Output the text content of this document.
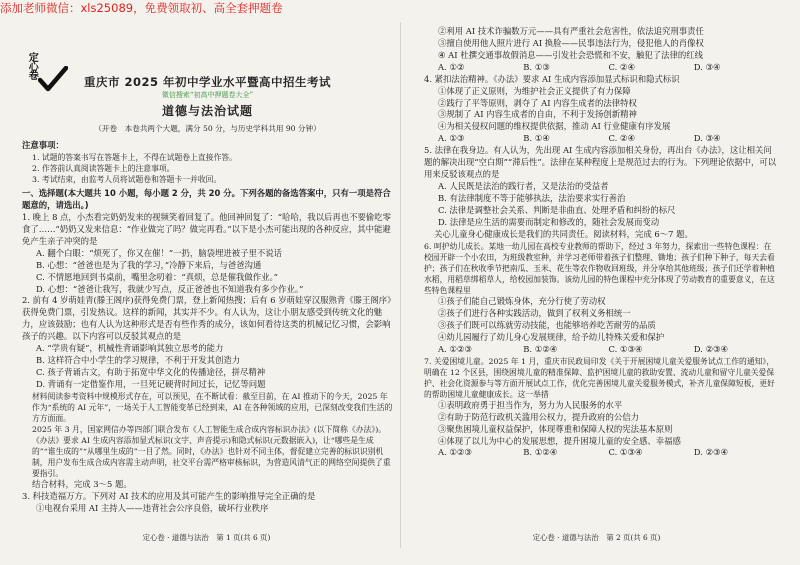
添加老师微信：xls25089，免费领取初、高全套押题卷
定心卷
重庆市 2025 年初中学业水平暨高中招生考试
微信搜索“初高中押题卷大全”
道德与法治试题
（开卷　本卷共两个大题，满分 50 分，与历史学科共用 90 分钟）

注意事项：

1. 试题的答案书写在答题卡上，不得在试题卷上直接作答。

2. 作答前认真阅读答题卡上的注意事项。

3. 考试结束，由监考人员将试题卷和答题卡一并收回。

一、选择题(本大题共 10 小题，每小题 2 分，共 20 分。下列各题的备选答案中，只有一项是符合题意的，请选出。)

1. 晚上 8 点，小杰看完奶奶发来的视频笑着回复了。他回神回复了：“哈哈，我以后再也不要偷吃零食了……”奶奶又发来信息：“作业做完了吗？做完再看。”以下是小杰可能出现的各种反应，其中能避免产生亲子冲突的是

A. 翻个白眼：“烦死了，你又在催！”一扔，脑袋埋进被子里不说话

B. 心想：“爸爸也是为了我的学习，”冷静下来后，与爸爸沟通

C. 不情愿地回到书桌前，嘴里念叨着：“真烦，总是催我做作业。”

D. 心想：“爸爸让我写，我就少写点，反正爸爸也不知道我有多少作业。”

2. 前有 4 岁萌娃青(滕王阁序)获得免费门票，登上新闻热搜；后有 6 岁萌娃穿汉服熟背《滕王阁序》获得免费门票，引发热议。这样的新闻，其实并不少。有人认为，这让小朋友感受到传统文化的魅力，应该鼓励；也有人认为这种形式是否有些作秀的成分，该如何看待这类的机械记忆习惯，会影响孩子的兴趣。以下内容可以反驳其观点的是

A. “学贵有疑”，机械性背诵影响其独立思考的能力

B. 这样符合中小学生的学习规律，不利于开发其创造力

C. 孩子背诵古文，有助于拓宽中华文化的传播途径，拼尽精神

D. 背诵有一定借鉴作用，一旦死记硬背时间过长，记忆等问题

材料阅读参考资料中规模形式存在，可以预见，在不断试看：截至目前，在 AI 推动下的今天，2025 年作为“系统的 AI 元年”，一场关于人工智能变革已经到来，AI 在各种领域的应用，已深刻改变我们生活的方方面面。

2025 年 3 月，国家网信办等四部门联合发布《人工智能生成合成内容标识办法》(以下简称《办法》)。《办法》要求 AI 生成内容添加显式标识(文字、声音提示)和隐式标识(元数据嵌入)，让“哪些是生成的”“谁生成的”“从哪里生成的”一目了然。同时，《办法》也针对不同主体，督促建立完善的标识识别机制，用户发布生成合成内容需主动声明，社交平台需严格审核标识，为营造风清气正的网络空间提供了重要指引。

结合材料，完成 3～5 题。

3. 科技造福万方。下列对 AI 技术的应用及其可能产生的影响推导完全正确的是

①电视台采用 AI 主持人——违背社会公序良俗，破坏行业秩序

定心卷 · 道德与法治　第 1 页(共 6 页)

②利用 AI 技术诈骗数万元——具有严重社会危害性，依法追究刑事责任

③擅自使用他人照片进行 AI 换脸——民事违法行为，侵犯他人的肖像权

④ AI 杜撰交通事故假消息——引发社会恐慌和不安，触犯了法律的红线

A. ①②	B. ①③	C. ②④	D. ③④

4. 紧扣法治精神。《办法》要求 AI 生成内容添加显式标识和隐式标识

①体现了正义原则，为维护社会正义提供了有力保障

②践行了平等原则，剥夺了 AI 内容生成者的法律特权

③规制了 AI 内容生成者的自由，不利于发扬创新精神

④为相关侵权问题的维权提供依据，推动 AI 行业健康有序发展

A. ①③	B. ①④	C. ②④	D. ③④

5. 法律在我身边。有人认为，先出现 AI 生成内容添加相关身份，再出台《办法》，这让相关问题的解决出现“空白期”“滞后性”。法律在某种程度上是规范过去的行为。下列理论依据中，可以用来反驳该观点的是

A. 人民既是法治的践行者，又是法治的受益者

B. 有法律制度不等于能够执法，法治要求实行善治

C. 法律是调整社会关系、判断是非曲直、处理矛盾和纠纷的标尺

D. 法律是应生活的需要而制定和修改的，随社会发展而变动

关心儿童身心健康成长是我们的共同责任。阅读材料，完成 6～7 题。

6. 呵护幼儿成长。某地一幼儿园在高校专业教师的帮助下，经过 3 年努力，探索出一些特色课程：在校园开辟一个小农田，为班级教室种，并学习老师带着孩子们整理、锄地；孩子们种下种子，每天去看护；孩子们在秋收季节把南瓜、玉米、花生等农作物收回班级，并分享给其他班级；孩子们还学着种植水稻，用稻草绑稻草人，给校园加装饰。该幼儿园的特色课程中充分体现了劳动教育的重要意义，在这些特色课程里

①孩子们能自己锻炼身体，充分行使了劳动权

②孩子们进行各种实践活动，做到了权利义务相统一

③孩子们既可以练就劳动技能，也能够培养吃苦耐劳的品质

④幼儿园履行了幼儿身心发展规律，给予幼儿特殊关爱和保护

A. ①②③	B. ①②④	C. ①③④	D. ②③④

7. 关爱困境儿童。2025 年 1 月，重庆市民政局印发《关于开展困境儿童关爱服务试点工作的通知》，明确在 12 个区县，围绕困境儿童的精准保障、监护困境儿童的救助安置、流动儿童和留守儿童关爱保护、社会化资源参与等方面开展试点工作，优化完善困境儿童关爱服务模式，补齐儿童保障短板，更好的帮助困境儿童健康成长。这一举措

①表明政府勇于担当作为，努力为人民服务的水平

②有助于防范行政机关滥用公权力，提升政府的公信力

③聚焦困境儿童权益保护，体现尊重和保障人权的宪法基本原则

④体现了以儿为中心的发展思想，提升困境儿童的安全感、幸福感

A. ①②③	B. ①②④	C. ①③④	D. ②③④
定心卷 · 道德与法治　第 2 页(共 6 页)
